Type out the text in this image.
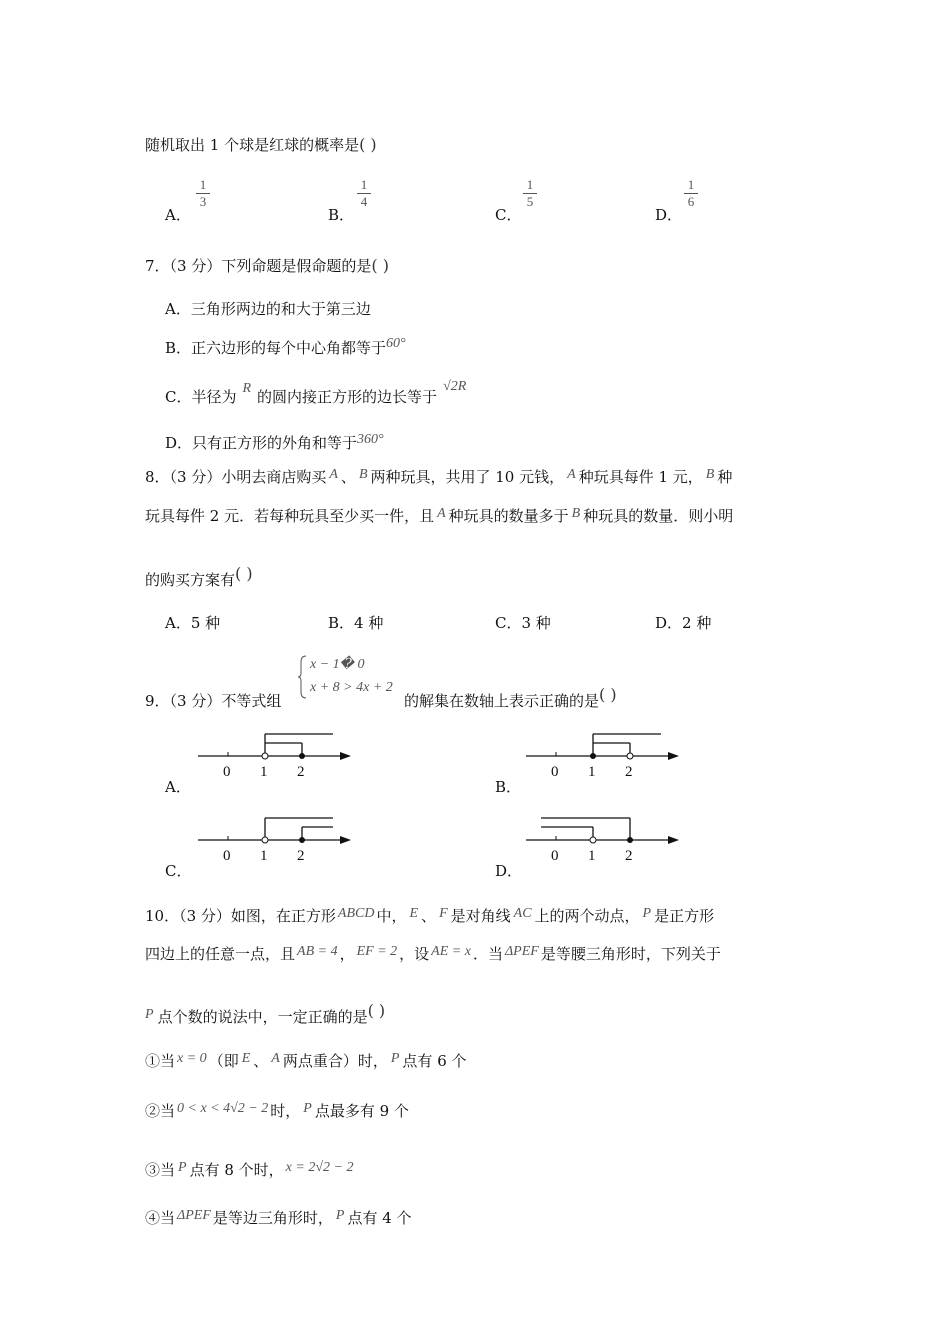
随机取出 1 个球是红球的概率是( )
A．
1
3
B．
1
4
C．
1
5
D．
1
6
7．（3 分）下列命题是假命题的是( )
A．三角形两边的和大于第三边
B．正六边形的每个中心角都等于60°
C．半径为 R 的圆内接正方形的边长等于√2R
D．只有正方形的外角和等于360°
8．（3 分）小明去商店购买 A 、 B 两种玩具，共用了 10 元钱， A 种玩具每件 1 元， B 种
玩具每件 2 元．若每种玩具至少买一件，且 A 种玩具的数量多于 B 种玩具的数量．则小明
的购买方案有( )
A．5 种	B．4 种	C．3 种	D．2 种
9．（3 分）不等式组
x − 1� 0
x + 8 > 4x + 2
的解集在数轴上表示正确的是( )
0 1 2
A．
0 1 2
B．
0 1 2
C．
0 1 2
D．
10．（3 分）如图，在正方形 ABCD 中， E 、 F 是对角线 AC 上的两个动点， P 是正方形
四边上的任意一点，且 AB = 4 ， EF = 2 ，设 AE = x ．当 ΔPEF 是等腰三角形时，下列关于
P 点个数的说法中，一定正确的是( )
①当 x = 0 （即 E 、 A 两点重合）时， P 点有 6 个
②当 0 < x < 4√2 − 2 时， P 点最多有 9 个
③当 P 点有 8 个时， x = 2√2 − 2
④当 ΔPEF 是等边三角形时， P 点有 4 个
